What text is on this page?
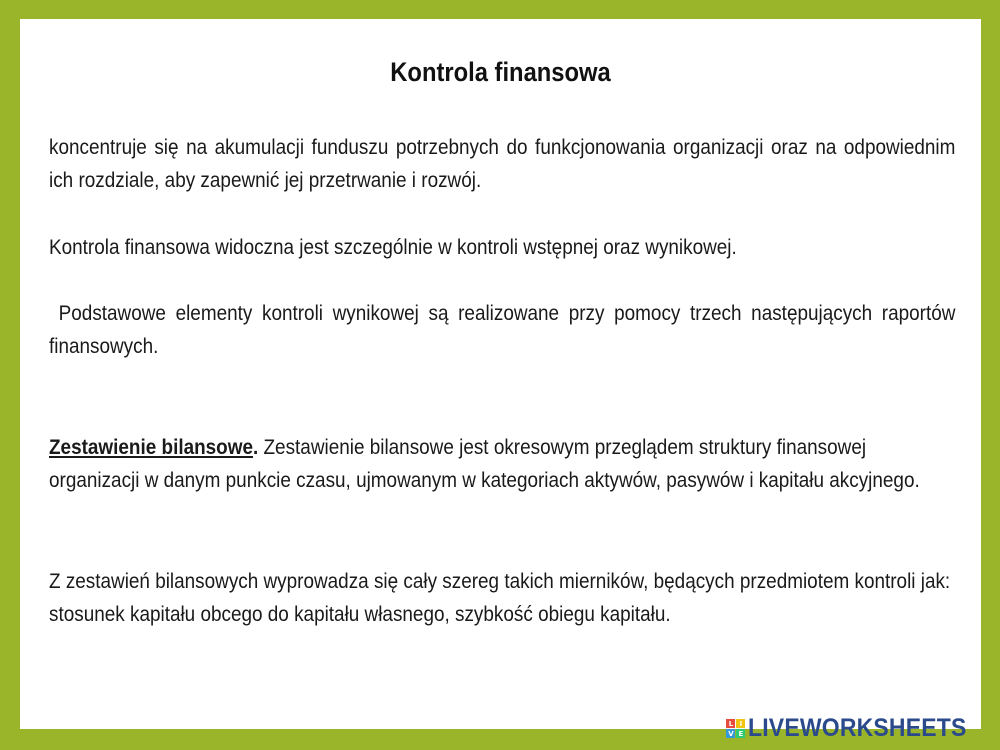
Kontrola finansowa

koncentruje się na akumulacji funduszu potrzebnych do funkcjonowania organizacji oraz na odpowiednim ich rozdziale, aby zapewnić jej przetrwanie i rozwój.

Kontrola finansowa widoczna jest szczególnie w kontroli wstępnej oraz wynikowej.

Podstawowe elementy kontroli wynikowej są realizowane przy pomocy trzech następujących raportów finansowych.

Zestawienie bilansowe. Zestawienie bilansowe jest okresowym przeglądem struktury finansowej organizacji w danym punkcie czasu, ujmowanym w kategoriach aktywów, pasywów i kapitału akcyjnego.

Z zestawień bilansowych wyprowadza się cały szereg takich mierników, będących przedmiotem kontroli jak: stosunek kapitału obcego do kapitału własnego, szybkość obiegu kapitału.

L I
V E LIVEWORKSHEETS
